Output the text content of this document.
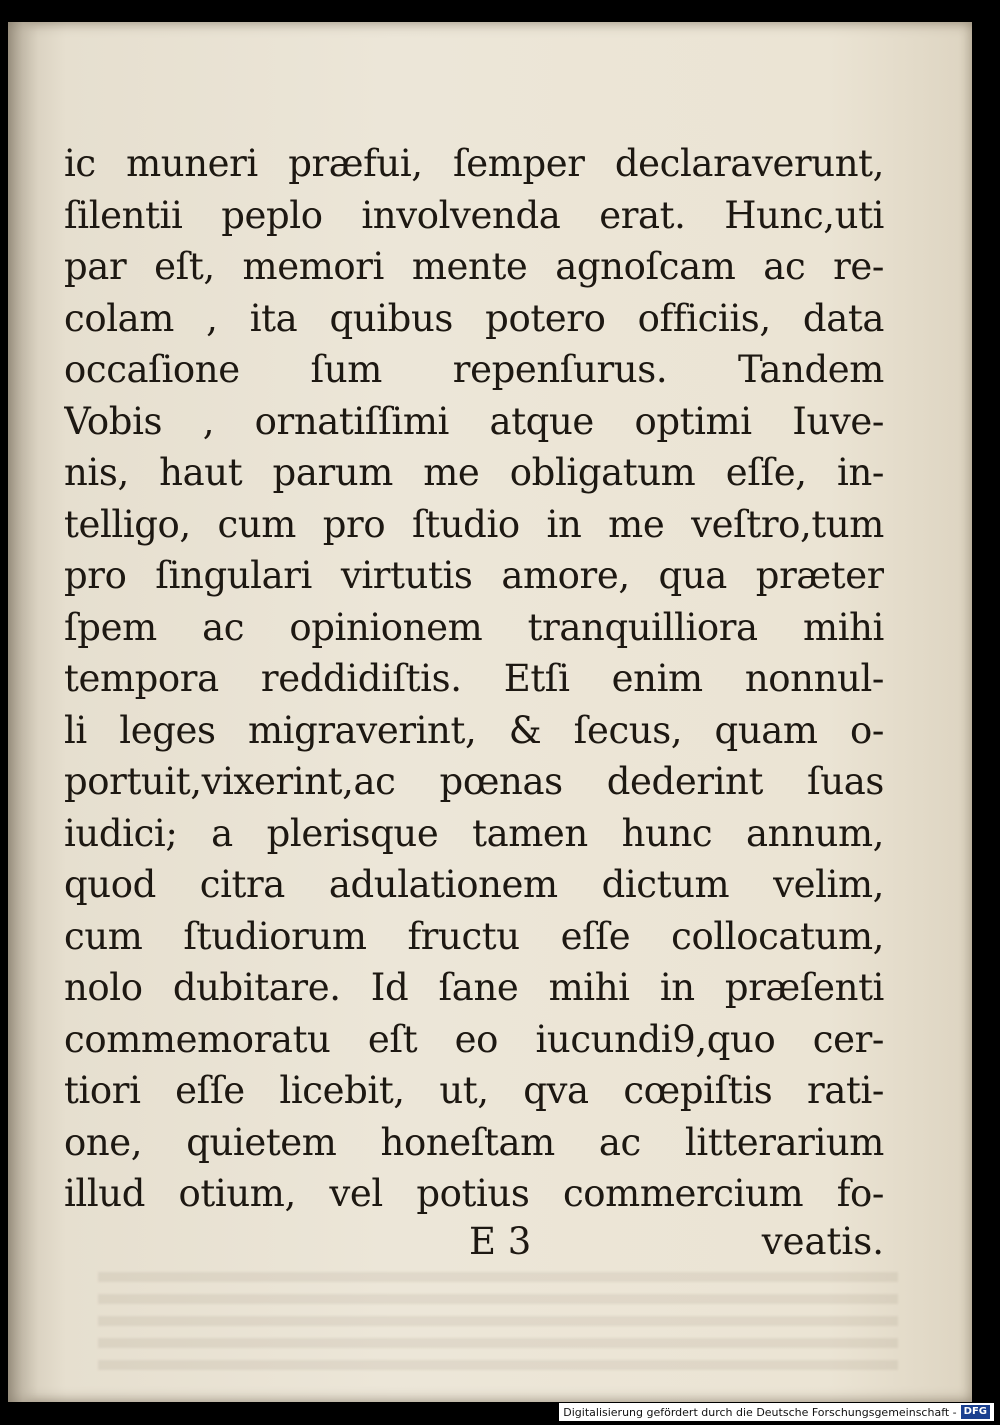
ic muneri præfui, ſemper declaraverunt,
ſilentii peplo involvenda erat. Hunc,uti
par eſt, memori mente agnoſcam ac re-
colam , ita quibus potero officiis, data
occaſione ſum repenſurus. Tandem
Vobis , ornatiſſimi atque optimi Iuve-
nis, haut parum me obligatum eſſe, in-
telligo, cum pro ſtudio in me veſtro,tum
pro ſingulari virtutis amore, qua præter
ſpem ac opinionem tranquilliora mihi
tempora reddidiſtis. Etſi enim nonnul-
li leges migraverint, & ſecus, quam o-
portuit,vixerint,ac pœnas dederint ſuas
iudici; a plerisque tamen hunc annum,
quod citra adulationem dictum velim,
cum ſtudiorum fructu eſſe collocatum,
nolo dubitare. Id ſane mihi in præſenti
commemoratu eſt eo iucundi9,quo cer-
tiori eſſe licebit, ut, qva cœpiſtis rati-
one, quietem honeſtam ac litterarium
illud otium, vel potius commercium fo-
E 3	veatis.
Digitalisierung gefördert durch die Deutsche Forschungsgemeinschaft - DFG
